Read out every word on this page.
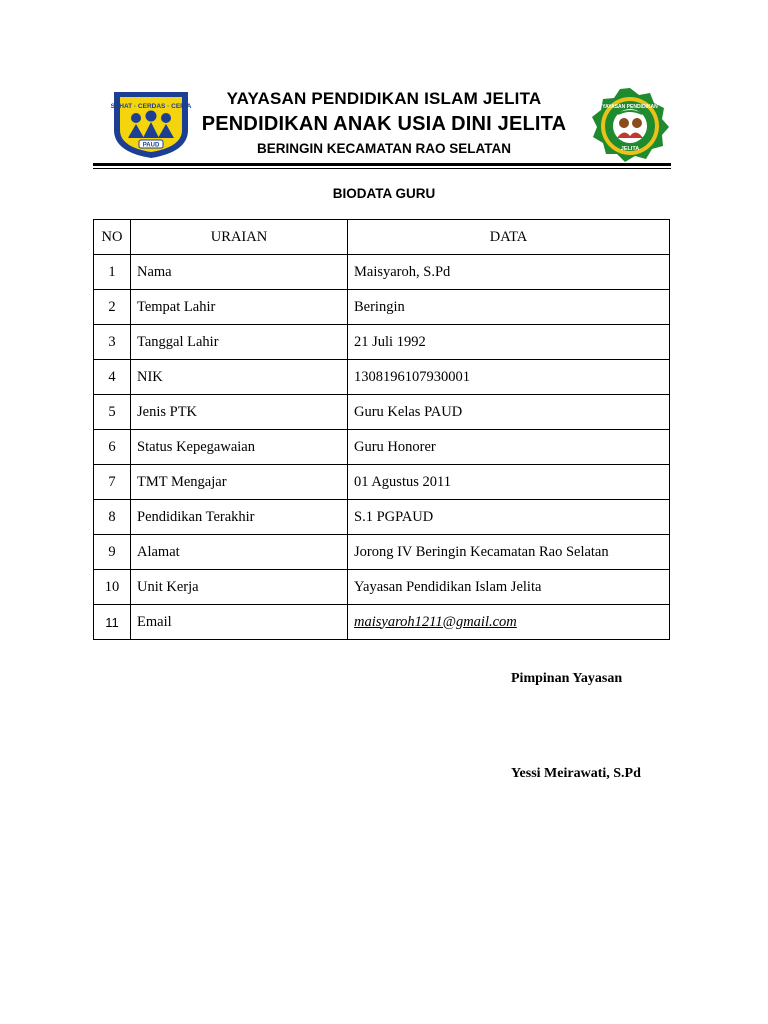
SEHAT · CERDAS · CERIA
PAUD
YAYASAN PENDIDIKAN
JELITA
YAYASAN PENDIDIKAN ISLAM JELITA
PENDIDIKAN ANAK USIA DINI JELITA
BERINGIN KECAMATAN RAO SELATAN
BIODATA GURU
NO	URAIAN	DATA
1	Nama	Maisyaroh, S.Pd
2	Tempat Lahir	Beringin
3	Tanggal Lahir	21 Juli 1992
4	NIK	1308196107930001
5	Jenis PTK	Guru Kelas PAUD
6	Status Kepegawaian	Guru Honorer
7	TMT Mengajar	01 Agustus 2011
8	Pendidikan Terakhir	S.1 PGPAUD
9	Alamat	Jorong IV Beringin Kecamatan Rao Selatan
10	Unit Kerja	Yayasan Pendidikan Islam Jelita
11	Email	maisyaroh1211@gmail.com
Pimpinan Yayasan
Yessi Meirawati, S.Pd
